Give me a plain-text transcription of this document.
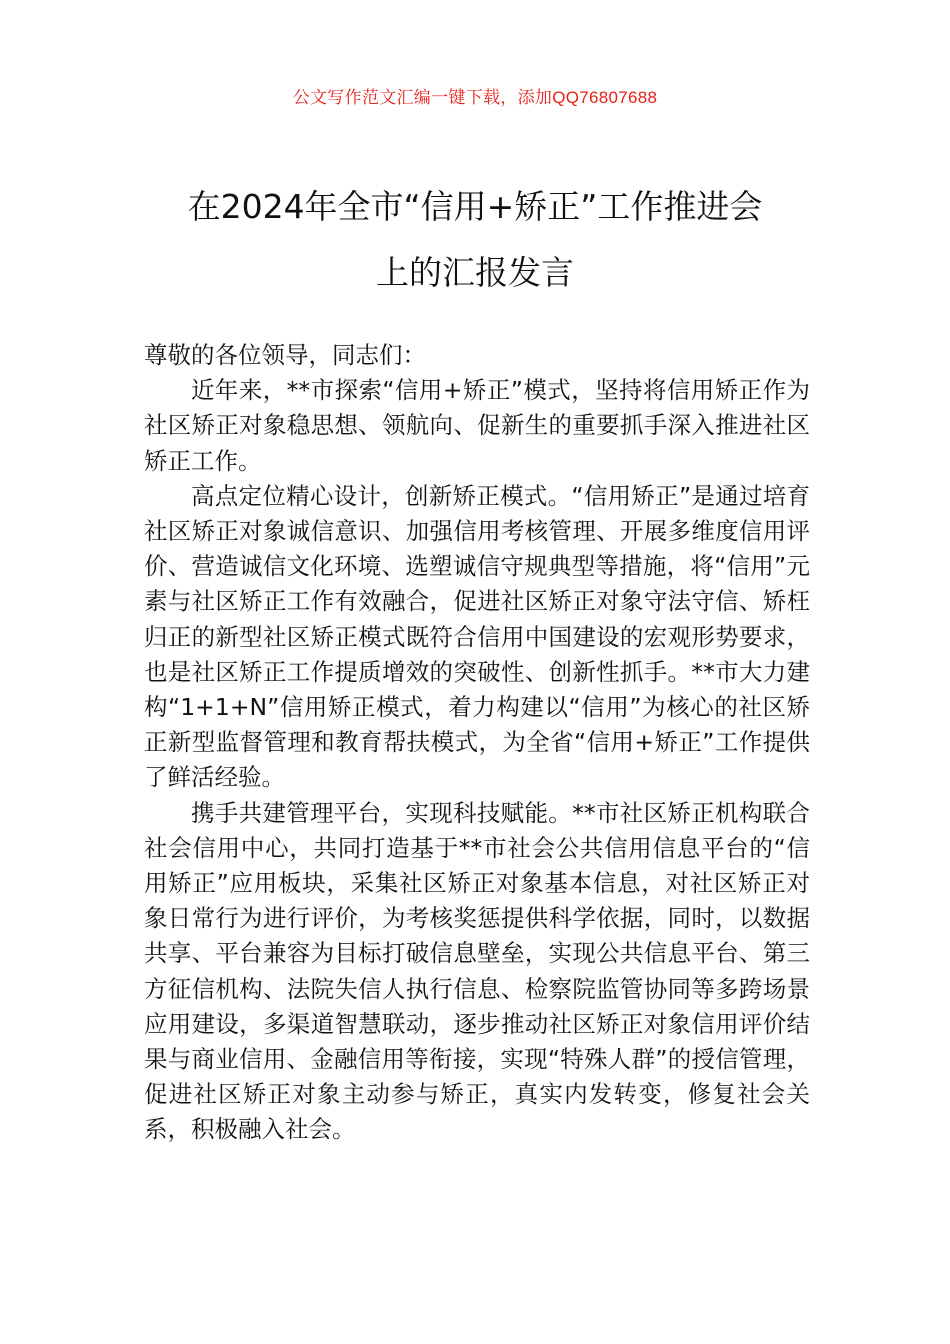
公文写作范文汇编一键下载，添加QQ76807688
在2024年全市“信用+矫正”工作推进会
上的汇报发言

尊敬的各位领导，同志们：

近年来，**市探索“信用+矫正”模式，坚持将信用矫正作为社区矫正对象稳思想、领航向、促新生的重要抓手深入推进社区矫正工作。

高点定位精心设计，创新矫正模式。“信用矫正”是通过培育社区矫正对象诚信意识、加强信用考核管理、开展多维度信用评价、营造诚信文化环境、选塑诚信守规典型等措施，将“信用”元素与社区矫正工作有效融合，促进社区矫正对象守法守信、矫枉归正的新型社区矫正模式既符合信用中国建设的宏观形势要求，也是社区矫正工作提质增效的突破性、创新性抓手。**市大力建构“1+1+N”信用矫正模式，着力构建以“信用”为核心的社区矫正新型监督管理和教育帮扶模式，为全省“信用+矫正”工作提供了鲜活经验。

携手共建管理平台，实现科技赋能。**市社区矫正机构联合社会信用中心，共同打造基于**市社会公共信用信息平台的“信用矫正”应用板块，采集社区矫正对象基本信息，对社区矫正对象日常行为进行评价，为考核奖惩提供科学依据，同时，以数据共享、平台兼容为目标打破信息壁垒，实现公共信息平台、第三方征信机构、法院失信人执行信息、检察院监管协同等多跨场景应用建设，多渠道智慧联动，逐步推动社区矫正对象信用评价结果与商业信用、金融信用等衔接，实现“特殊人群”的授信管理，促进社区矫正对象主动参与矫正，真实内发转变，修复社会关系，积极融入社会。
